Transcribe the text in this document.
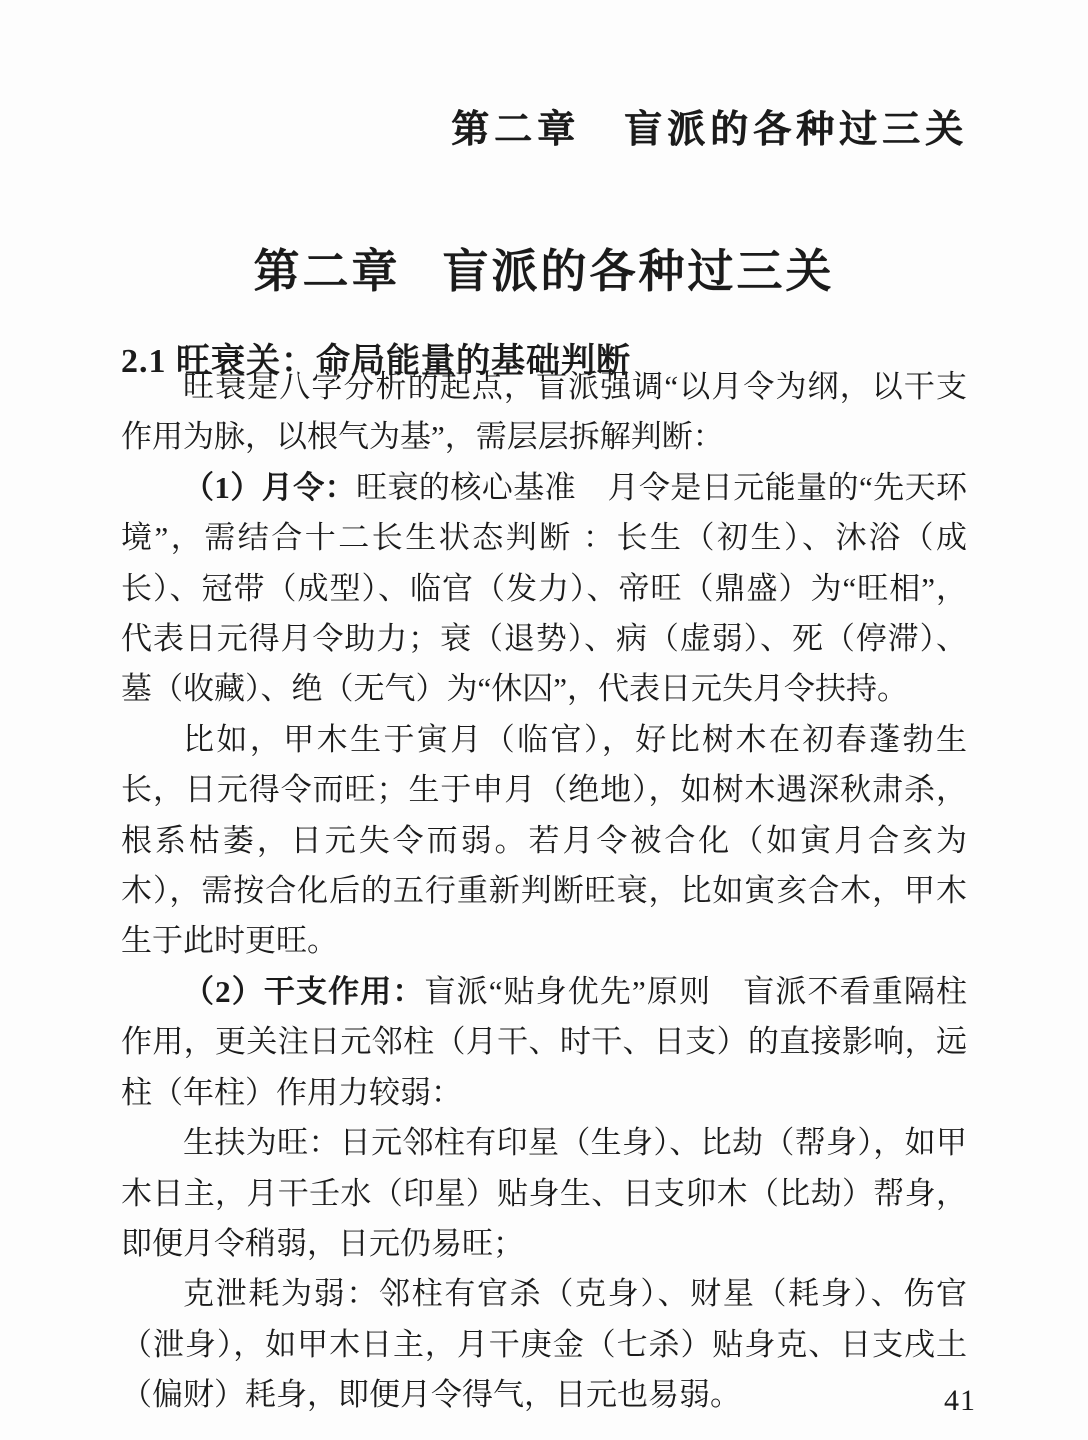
第二章 盲派的各种过三关
第二章 盲派的各种过三关
2.1 旺衰关：命局能量的基础判断

旺衰是八字分析的起点，盲派强调“以月令为纲，以干支作用为脉，以根气为基”，需层层拆解判断：

（1）月令：旺衰的核心基准　月令是日元能量的“先天环境”，需结合十二长生状态判断 ：长生（初生）、沐浴（成长）、冠带（成型）、临官（发力）、帝旺（鼎盛）为“旺相”，代表日元得月令助力；衰（退势）、病（虚弱）、死（停滞）、墓（收藏）、绝（无气）为“休囚”，代表日元失月令扶持。

比如，甲木生于寅月（临官），好比树木在初春蓬勃生长，日元得令而旺；生于申月（绝地），如树木遇深秋肃杀，根系枯萎，日元失令而弱。若月令被合化（如寅月合亥为木），需按合化后的五行重新判断旺衰，比如寅亥合木，甲木生于此时更旺。

（2）干支作用：盲派“贴身优先”原则　盲派不看重隔柱作用，更关注日元邻柱（月干、时干、日支）的直接影响，远柱（年柱）作用力较弱：

生扶为旺：日元邻柱有印星（生身）、比劫（帮身），如甲木日主，月干壬水（印星）贴身生、日支卯木（比劫）帮身，即便月令稍弱，日元仍易旺；

克泄耗为弱：邻柱有官杀（克身）、财星（耗身）、伤官（泄身），如甲木日主，月干庚金（七杀）贴身克、日支戌土（偏财）耗身，即便月令得气，日元也易弱。	41
